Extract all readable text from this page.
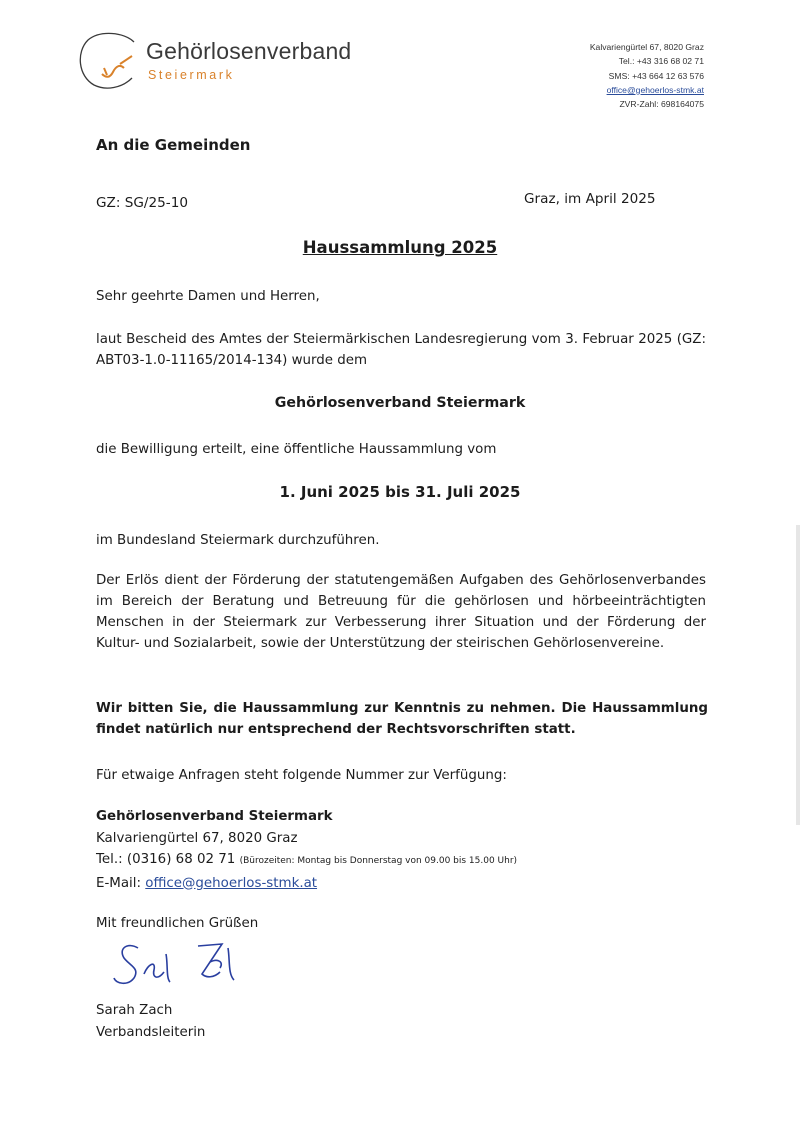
Gehörlosenverband
Steiermark
Kalvariengürtel 67, 8020 Graz
Tel.: +43 316 68 02 71
SMS: +43 664 12 63 576
office@gehoerlos-stmk.at
ZVR-Zahl: 698164075
An die Gemeinden
GZ: SG/25-10	Graz, im April 2025
Haussammlung 2025
Sehr geehrte Damen und Herren,
laut Bescheid des Amtes der Steiermärkischen Landesregierung vom 3. Februar 2025 (GZ: ABT03-1.0-11165/2014-134) wurde dem
Gehörlosenverband Steiermark
die Bewilligung erteilt, eine öffentliche Haussammlung vom
1. Juni 2025 bis 31. Juli 2025
im Bundesland Steiermark durchzuführen.
Der Erlös dient der Förderung der statutengemäßen Aufgaben des Gehörlosenverbandes im Bereich der Beratung und Betreuung für die gehörlosen und hörbeeinträchtigten Menschen in der Steiermark zur Verbesserung ihrer Situation und der Förderung der Kultur- und Sozialarbeit, sowie der Unterstützung der steirischen Gehörlosenvereine.
Wir bitten Sie, die Haussammlung zur Kenntnis zu nehmen. Die Haussammlung findet natürlich nur entsprechend der Rechtsvorschriften statt.
Für etwaige Anfragen steht folgende Nummer zur Verfügung:
Gehörlosenverband Steiermark
Kalvariengürtel 67, 8020 Graz
Tel.: (0316) 68 02 71 (Bürozeiten: Montag bis Donnerstag von 09.00 bis 15.00 Uhr)
E-Mail: office@gehoerlos-stmk.at
Mit freundlichen Grüßen
Sarah Zach
Verbandsleiterin
